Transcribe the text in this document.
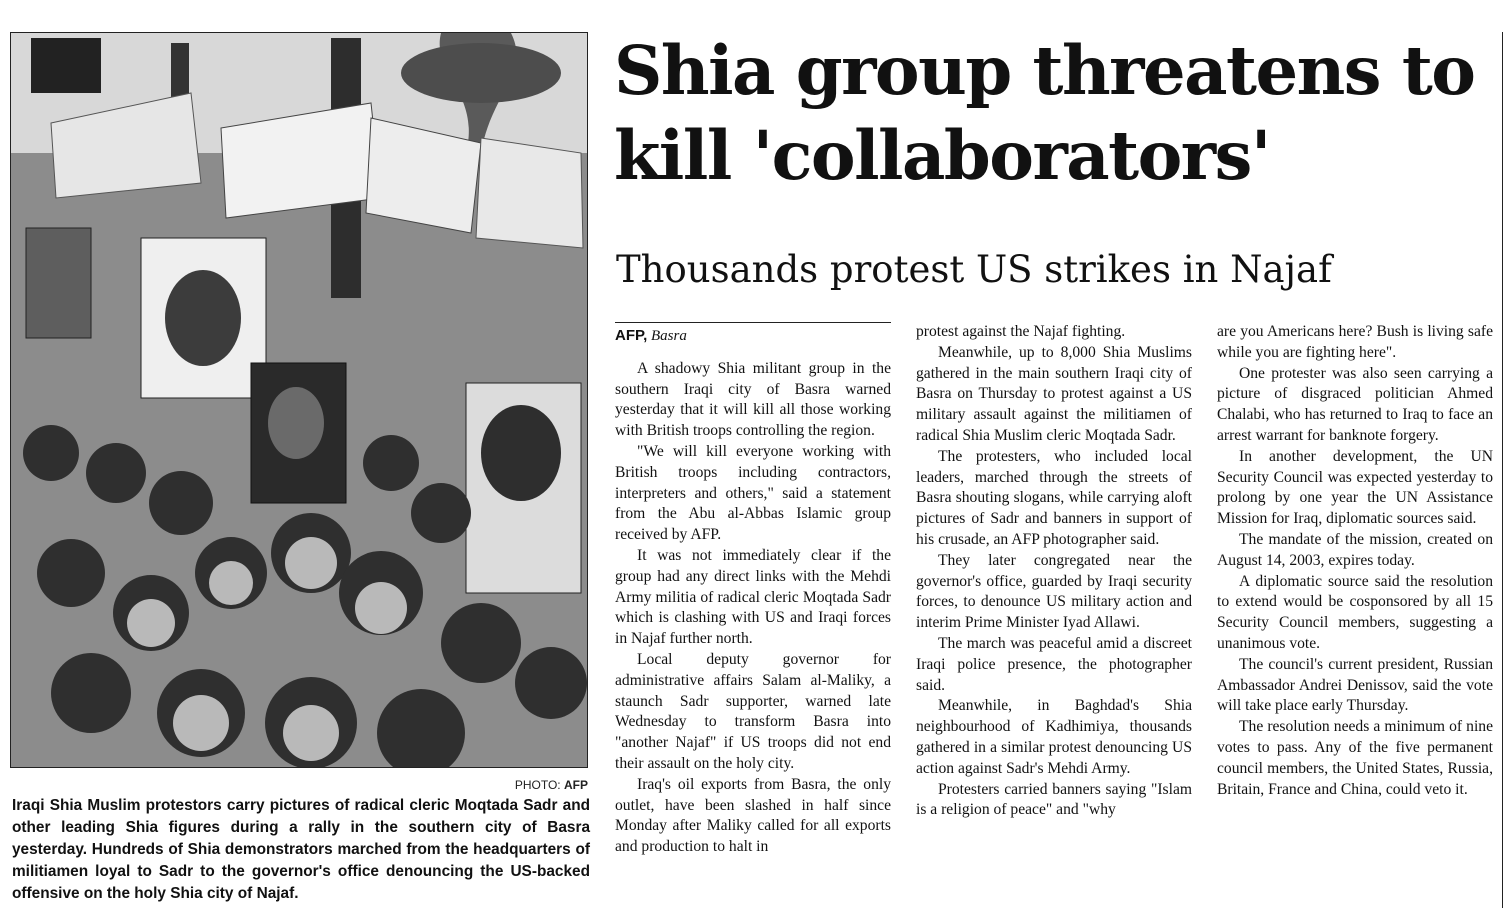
PHOTO: AFP
Iraqi Shia Muslim protestors carry pictures of radical cleric Moqtada Sadr and other leading Shia figures during a rally in the southern city of Basra yesterday. Hundreds of Shia demonstrators marched from the headquarters of militiamen loyal to Sadr to the governor's office denouncing the US-backed offensive on the holy Shia city of Najaf.
Shia group threatens to kill 'collaborators'
Thousands protest US strikes in Najaf
AFP, Basra

A shadowy Shia militant group in the southern Iraqi city of Basra warned yesterday that it will kill all those working with British troops controlling the region.

"We will kill everyone working with British troops including contractors, interpreters and others," said a statement from the Abu al-Abbas Islamic group received by AFP.

It was not immediately clear if the group had any direct links with the Mehdi Army militia of radical cleric Moqtada Sadr which is clashing with US and Iraqi forces in Najaf further north.

Local deputy governor for administrative affairs Salam al-Maliky, a staunch Sadr supporter, warned late Wednesday to transform Basra into "another Najaf" if US troops did not end their assault on the holy city.

Iraq's oil exports from Basra, the only outlet, have been slashed in half since Monday after Maliky called for all exports and production to halt in

protest against the Najaf fighting.

Meanwhile, up to 8,000 Shia Muslims gathered in the main southern Iraqi city of Basra on Thursday to protest against a US military assault against the militiamen of radical Shia Muslim cleric Moqtada Sadr.

The protesters, who included local leaders, marched through the streets of Basra shouting slogans, while carrying aloft pictures of Sadr and banners in support of his crusade, an AFP photographer said.

They later congregated near the governor's office, guarded by Iraqi security forces, to denounce US military action and interim Prime Minister Iyad Allawi.

The march was peaceful amid a discreet Iraqi police presence, the photographer said.

Meanwhile, in Baghdad's Shia neighbourhood of Kadhimiya, thousands gathered in a similar protest denouncing US action against Sadr's Mehdi Army.

Protesters carried banners saying "Islam is a religion of peace" and "why

are you Americans here? Bush is living safe while you are fighting here".

One protester was also seen carrying a picture of disgraced politician Ahmed Chalabi, who has returned to Iraq to face an arrest warrant for banknote forgery.

In another development, the UN Security Council was expected yesterday to prolong by one year the UN Assistance Mission for Iraq, diplomatic sources said.

The mandate of the mission, created on August 14, 2003, expires today.

A diplomatic source said the resolution to extend would be cosponsored by all 15 Security Council members, suggesting a unanimous vote.

The council's current president, Russian Ambassador Andrei Denissov, said the vote will take place early Thursday.

The resolution needs a minimum of nine votes to pass. Any of the five permanent council members, the United States, Russia, Britain, France and China, could veto it.
